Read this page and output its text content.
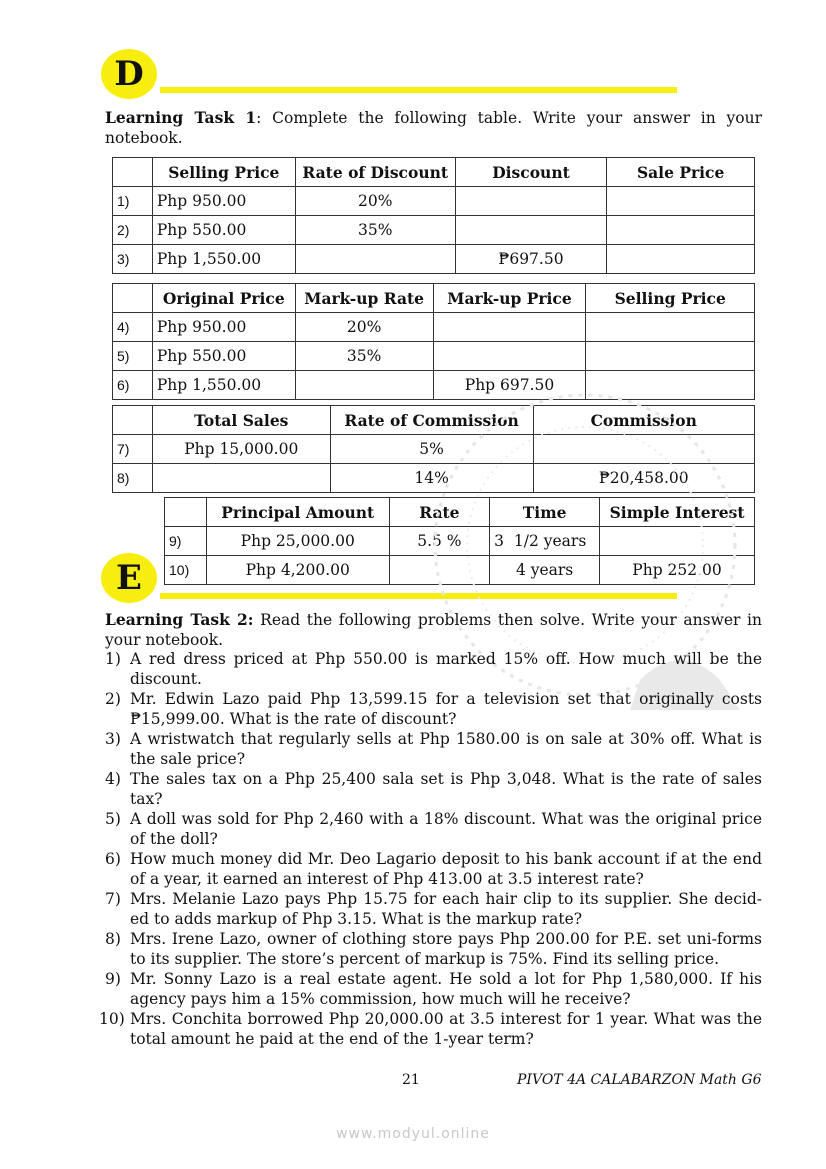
D

Learning Task 1: Complete the following table. Write your answer in your notebook.

	Selling Price	Rate of Discount	Discount	Sale Price
1)	Php 950.00	20%		
2)	Php 550.00	35%		
3)	Php 1,550.00		₱697.50	
	Original Price	Mark-up Rate	Mark-up Price	Selling Price
4)	Php 950.00	20%		
5)	Php 550.00	35%		
6)	Php 1,550.00		Php 697.50	
	Total Sales	Rate of Commission	Commission
7)	Php 15,000.00	5%	
8)		14%	₱20,458.00
	Principal Amount	Rate	Time	Simple Interest
9)	Php 25,000.00	5.5 %	3  1/2 years	
10)	Php 4,200.00		4 years	Php 252.00
E

Learning Task 2: Read the following problems then solve. Write your answer in your notebook.

1) A red dress priced at Php 550.00 is marked 15% off. How much will be the discount.
2) Mr. Edwin Lazo paid Php 13,599.15 for a television set that originally costs ₱15,999.00. What is the rate of discount?
3) A wristwatch that regularly sells at Php 1580.00 is on sale at 30% off. What is the sale price?
4) The sales tax on a Php 25,400 sala set is Php 3,048. What is the rate of sales tax?
5) A doll was sold for Php 2,460 with a 18% discount. What was the original price of the doll?
6) How much money did Mr. Deo Lagario deposit to his bank account if at the end of a year, it earned an interest of Php 413.00 at 3.5 interest rate?
7) Mrs. Melanie Lazo pays Php 15.75 for each hair clip to its supplier. She decid-ed to adds markup of Php 3.15. What is the markup rate?
8) Mrs. Irene Lazo, owner of clothing store pays Php 200.00 for P.E. set uni-forms to its supplier. The store’s percent of markup is 75%. Find its selling price.
9) Mr. Sonny Lazo is a real estate agent. He sold a lot for Php 1,580,000. If his agency pays him a 15% commission, how much will he receive?
10) Mrs. Conchita borrowed Php 20,000.00 at 3.5 interest for 1 year. What was the total amount he paid at the end of the 1-year term?
21	PIVOT 4A CALABARZON Math G6
www.modyul.online
